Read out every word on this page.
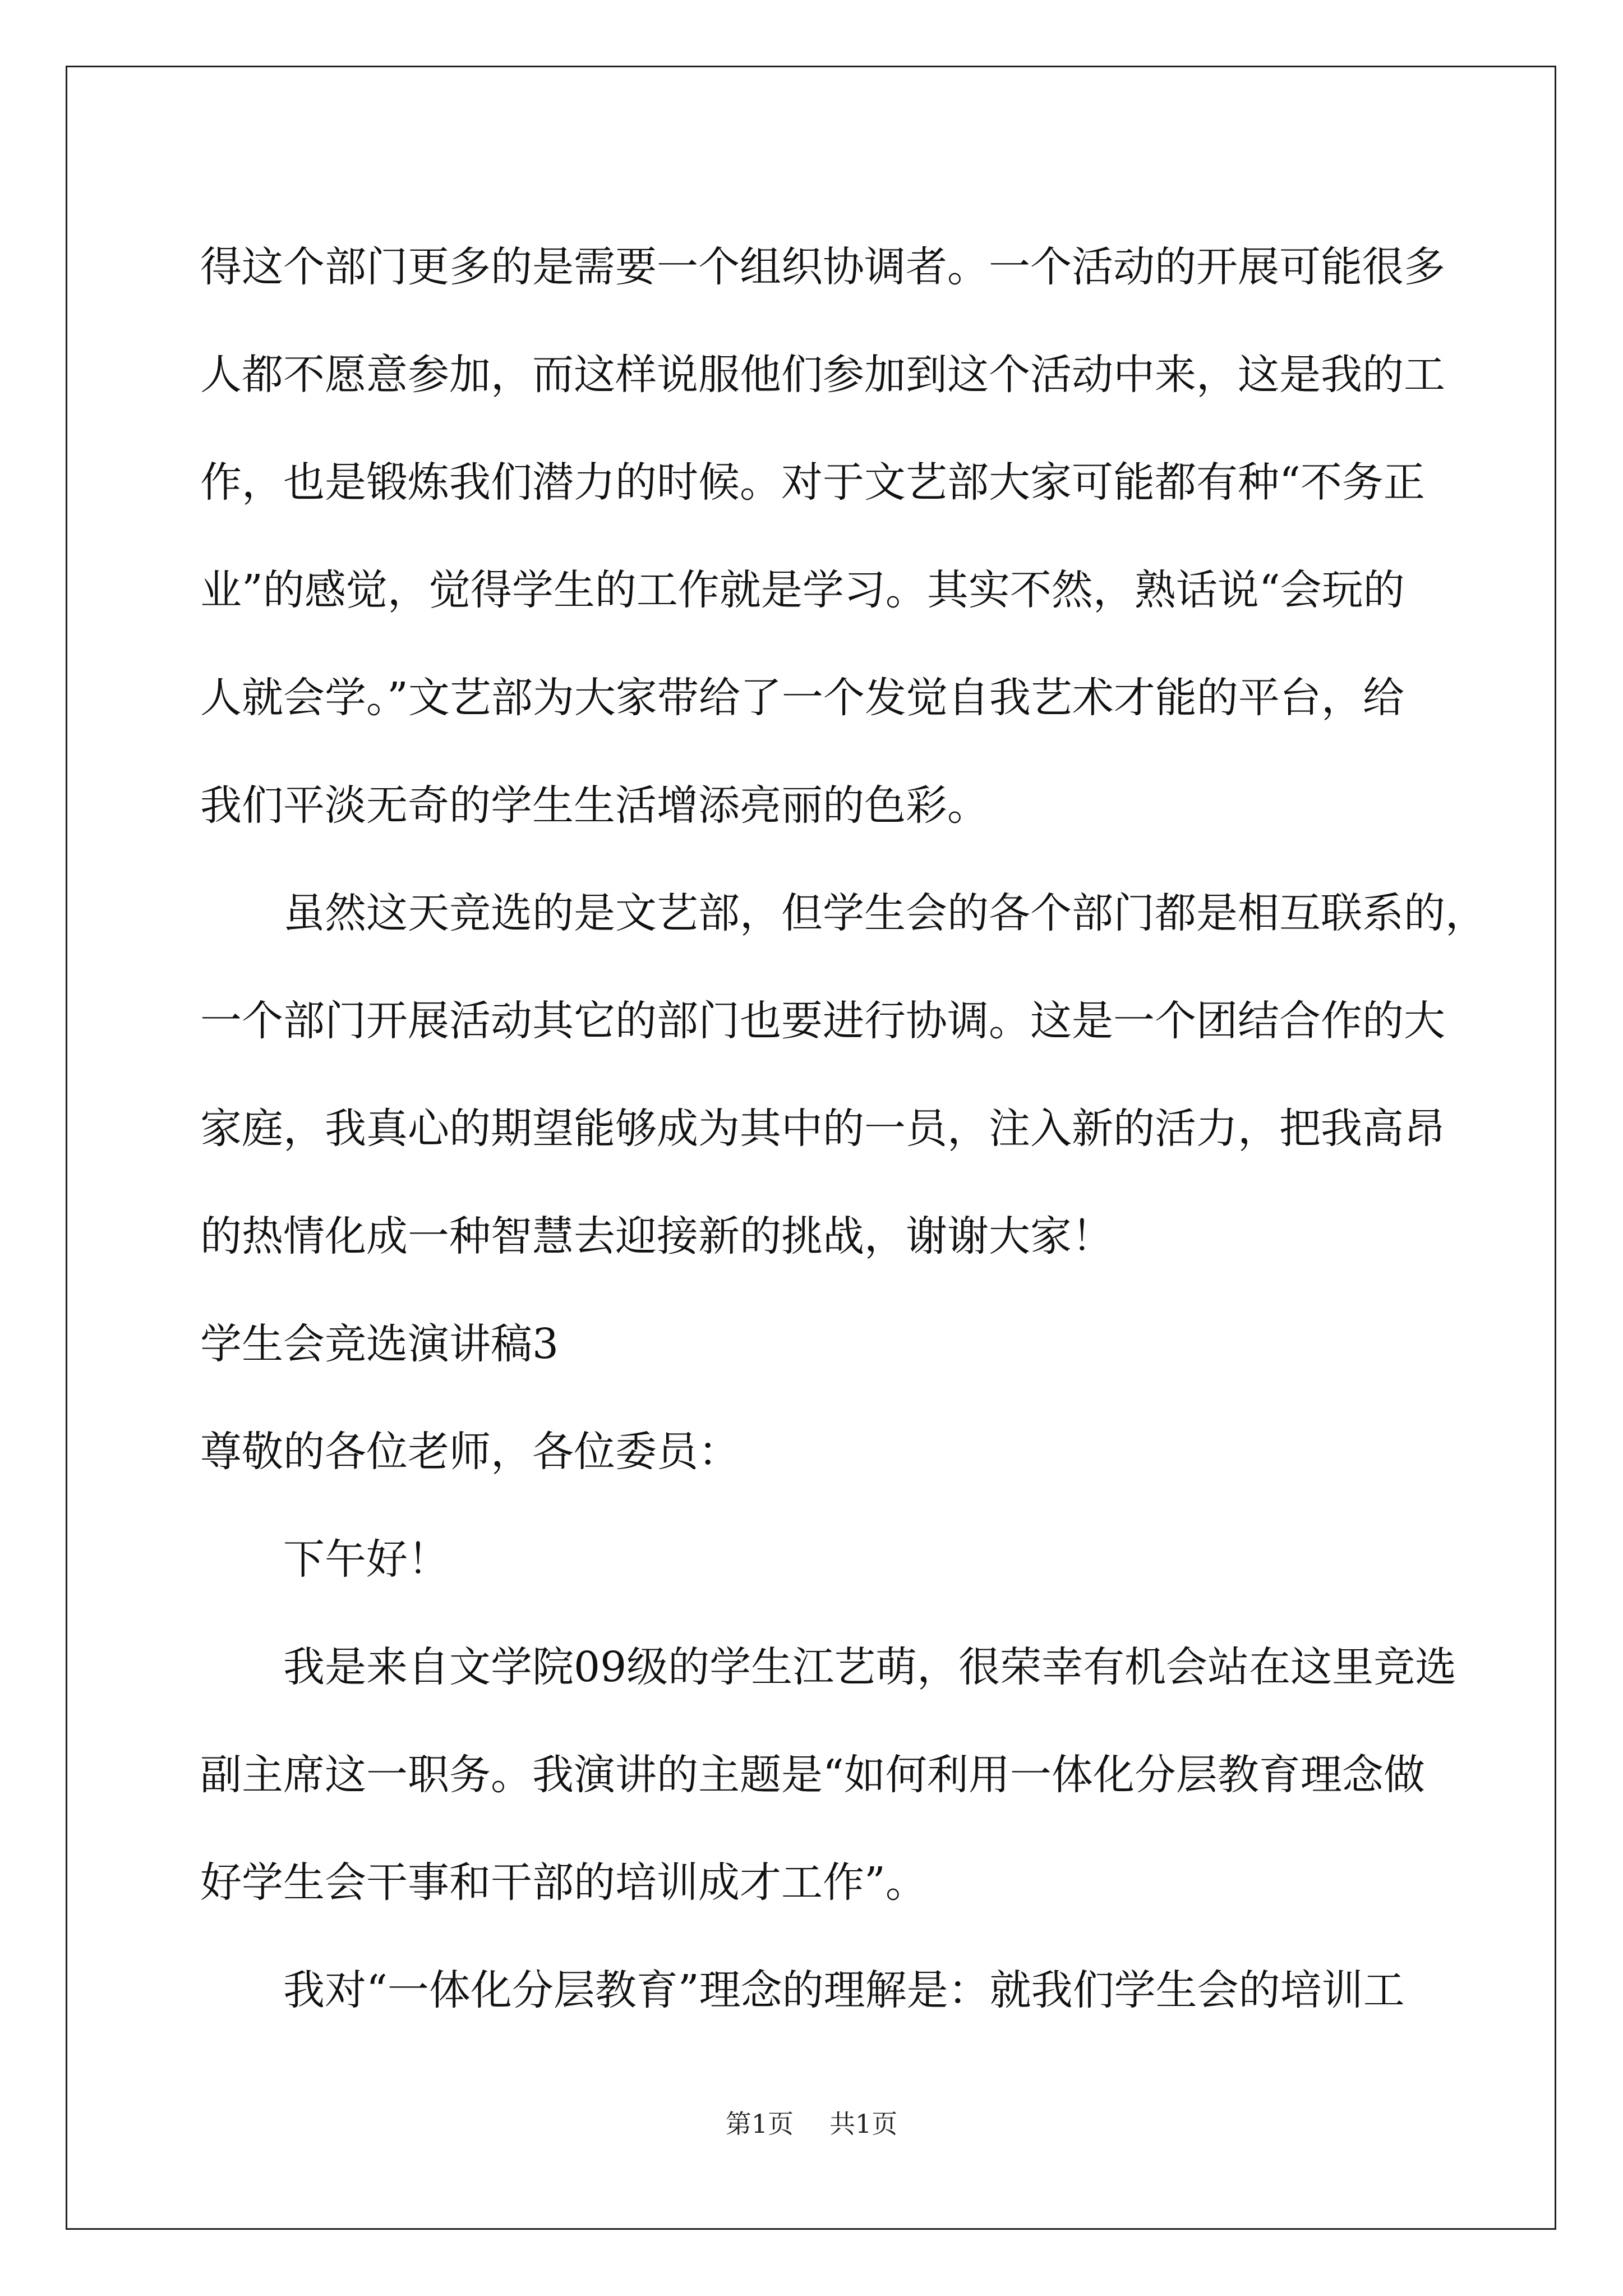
得这个部门更多的是需要一个组织协调者。一个活动的开展可能很多
人都不愿意参加，而这样说服他们参加到这个活动中来，这是我的工
作，也是锻炼我们潜力的时候。对于文艺部大家可能都有种“不务正
业”的感觉，觉得学生的工作就是学习。其实不然，熟话说“会玩的
人就会学。”文艺部为大家带给了一个发觉自我艺术才能的平台，给
我们平淡无奇的学生生活增添亮丽的色彩。
虽然这天竞选的是文艺部，但学生会的各个部门都是相互联系的，
一个部门开展活动其它的部门也要进行协调。这是一个团结合作的大
家庭，我真心的期望能够成为其中的一员，注入新的活力，把我高昂
的热情化成一种智慧去迎接新的挑战，谢谢大家！
学生会竞选演讲稿3
尊敬的各位老师，各位委员：
下午好！
我是来自文学院09级的学生江艺萌，很荣幸有机会站在这里竞选
副主席这一职务。我演讲的主题是“如何利用一体化分层教育理念做
好学生会干事和干部的培训成才工作”。
我对“一体化分层教育”理念的理解是：就我们学生会的培训工
第1页 共1页
